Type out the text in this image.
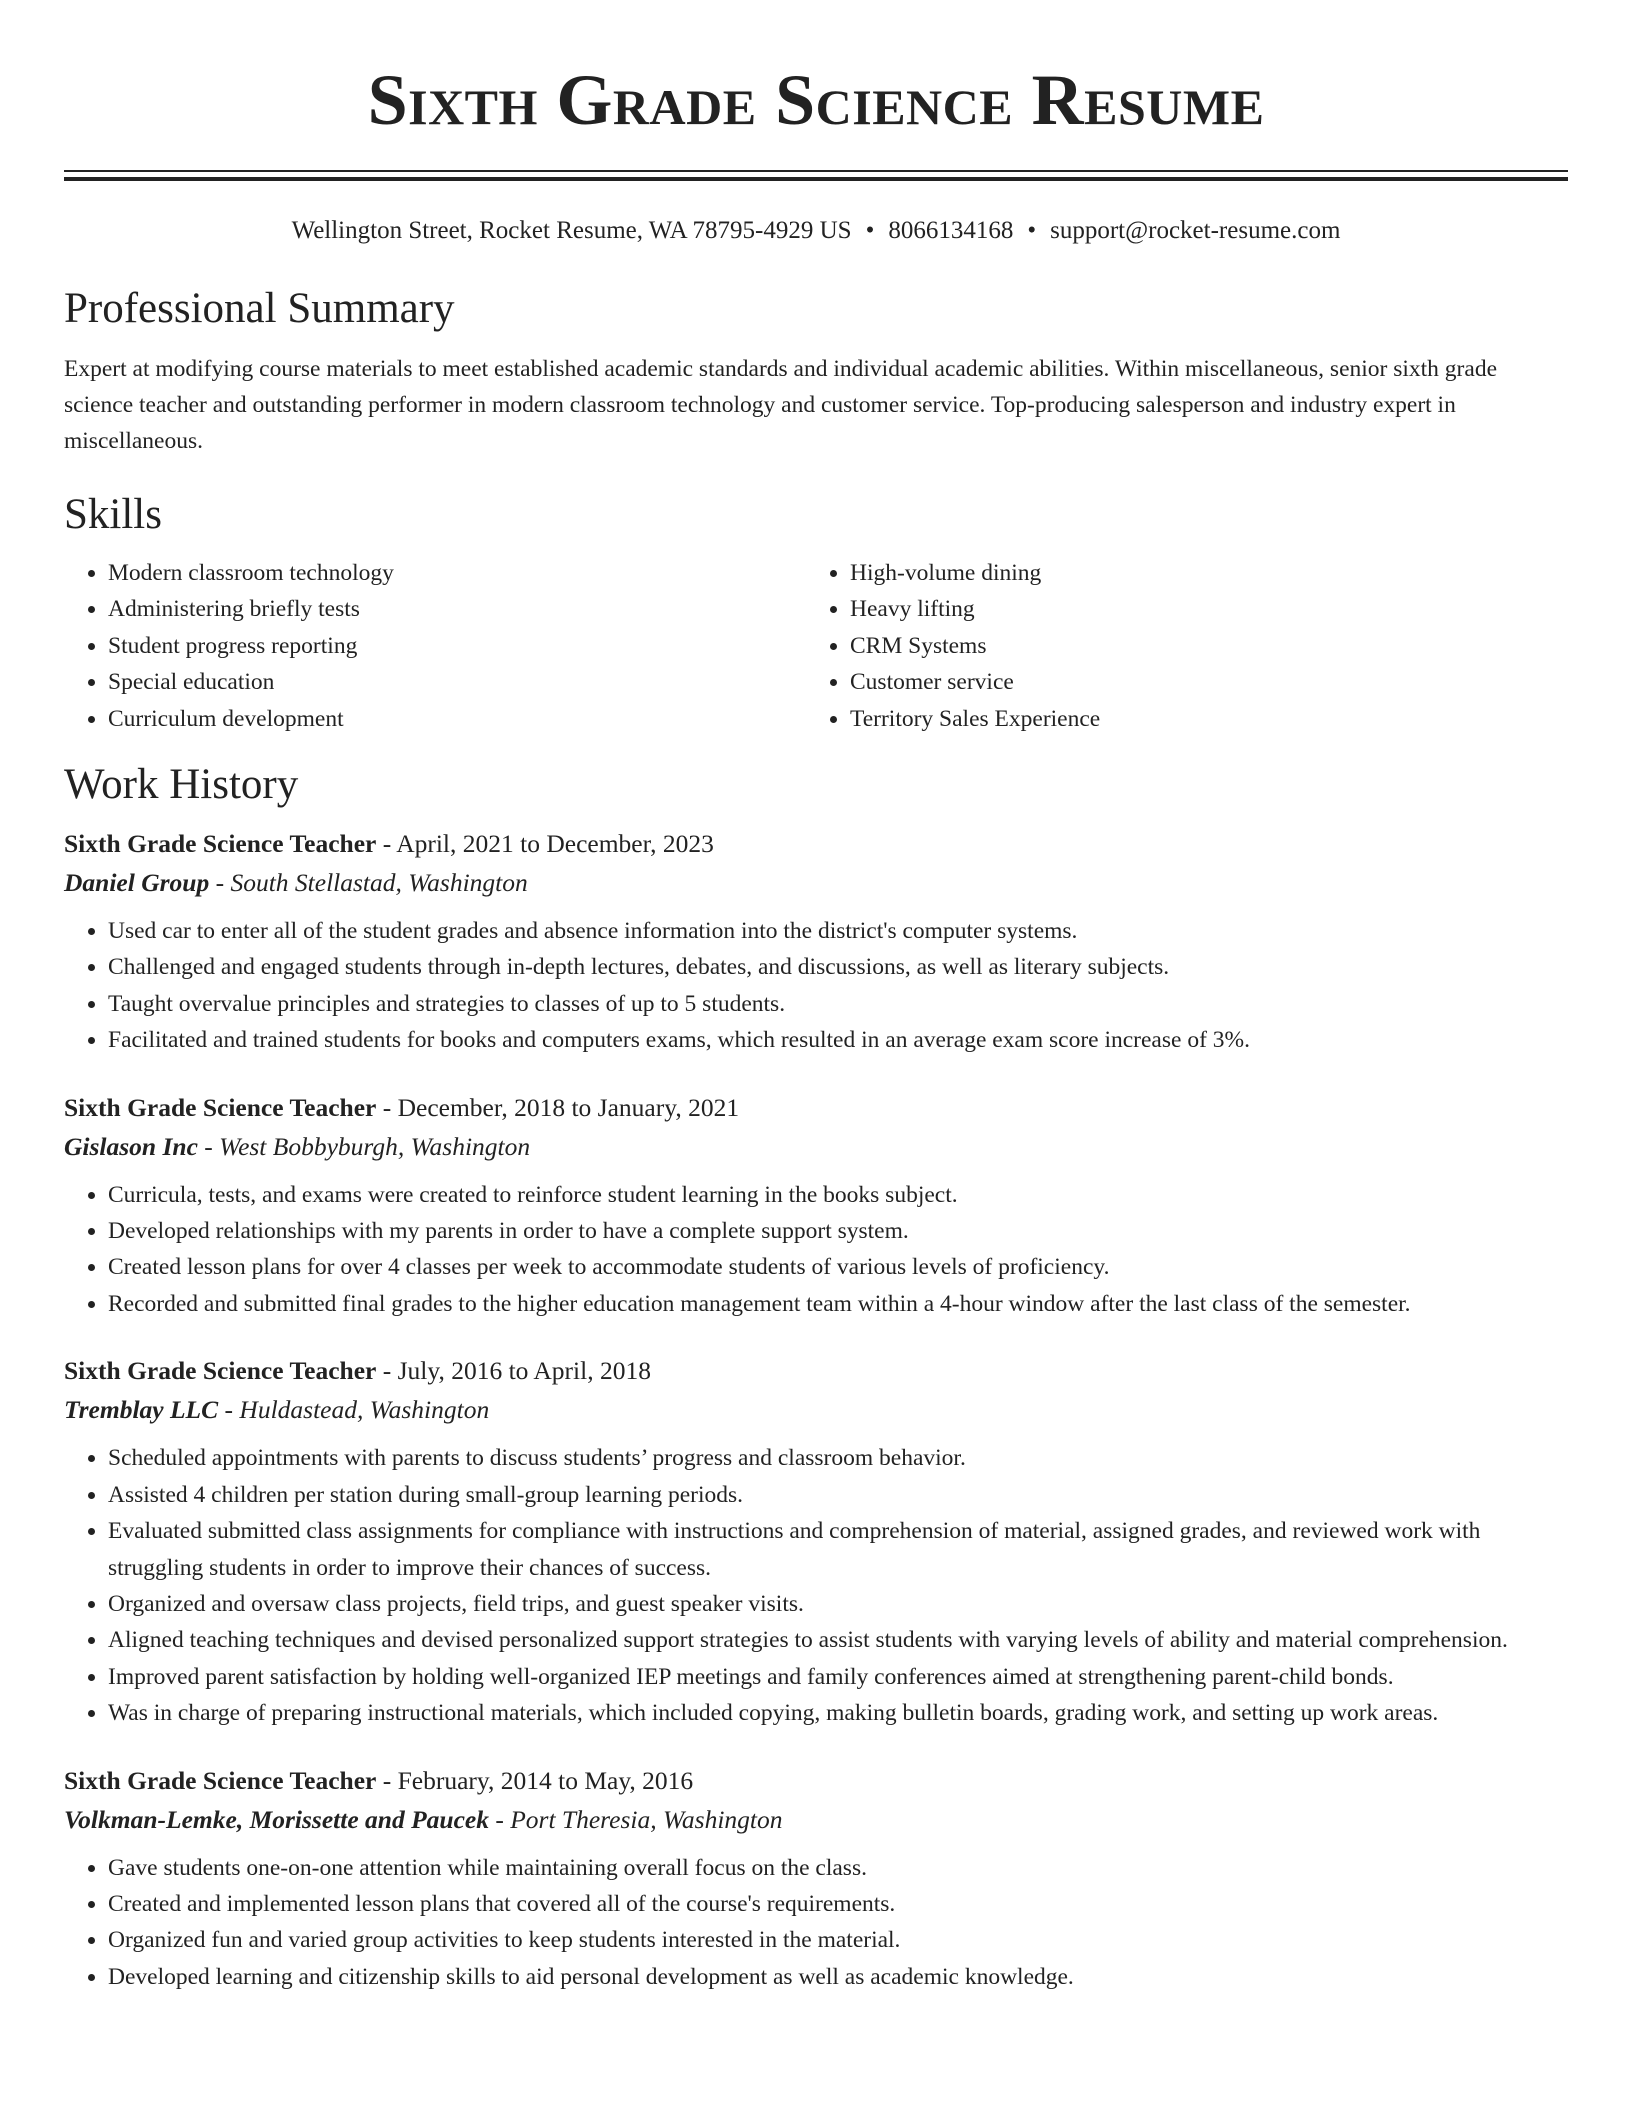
Sixth Grade Science Resume
Wellington Street, Rocket Resume, WA 78795-4929 US • 8066134168 • support@rocket-resume.com
Professional Summary

Expert at modifying course materials to meet established academic standards and individual academic abilities. Within miscellaneous, senior sixth grade science teacher and outstanding performer in modern classroom technology and customer service. Top-producing salesperson and industry expert in miscellaneous.

Skills
• Modern classroom technology
• Administering briefly tests
• Student progress reporting
• Special education
• Curriculum development
• High-volume dining
• Heavy lifting
• CRM Systems
• Customer service
• Territory Sales Experience
Work History
Sixth Grade Science Teacher - April, 2021 to December, 2023
Daniel Group - South Stellastad, Washington
• Used car to enter all of the student grades and absence information into the district's computer systems.
• Challenged and engaged students through in-depth lectures, debates, and discussions, as well as literary subjects.
• Taught overvalue principles and strategies to classes of up to 5 students.
• Facilitated and trained students for books and computers exams, which resulted in an average exam score increase of 3%.
Sixth Grade Science Teacher - December, 2018 to January, 2021
Gislason Inc - West Bobbyburgh, Washington
• Curricula, tests, and exams were created to reinforce student learning in the books subject.
• Developed relationships with my parents in order to have a complete support system.
• Created lesson plans for over 4 classes per week to accommodate students of various levels of proficiency.
• Recorded and submitted final grades to the higher education management team within a 4-hour window after the last class of the semester.
Sixth Grade Science Teacher - July, 2016 to April, 2018
Tremblay LLC - Huldastead, Washington
• Scheduled appointments with parents to discuss students’ progress and classroom behavior.
• Assisted 4 children per station during small-group learning periods.
• Evaluated submitted class assignments for compliance with instructions and comprehension of material, assigned grades, and reviewed work with struggling students in order to improve their chances of success.
• Organized and oversaw class projects, field trips, and guest speaker visits.
• Aligned teaching techniques and devised personalized support strategies to assist students with varying levels of ability and material comprehension.
• Improved parent satisfaction by holding well-organized IEP meetings and family conferences aimed at strengthening parent-child bonds.
• Was in charge of preparing instructional materials, which included copying, making bulletin boards, grading work, and setting up work areas.
Sixth Grade Science Teacher - February, 2014 to May, 2016
Volkman-Lemke, Morissette and Paucek - Port Theresia, Washington
• Gave students one-on-one attention while maintaining overall focus on the class.
• Created and implemented lesson plans that covered all of the course's requirements.
• Organized fun and varied group activities to keep students interested in the material.
• Developed learning and citizenship skills to aid personal development as well as academic knowledge.
